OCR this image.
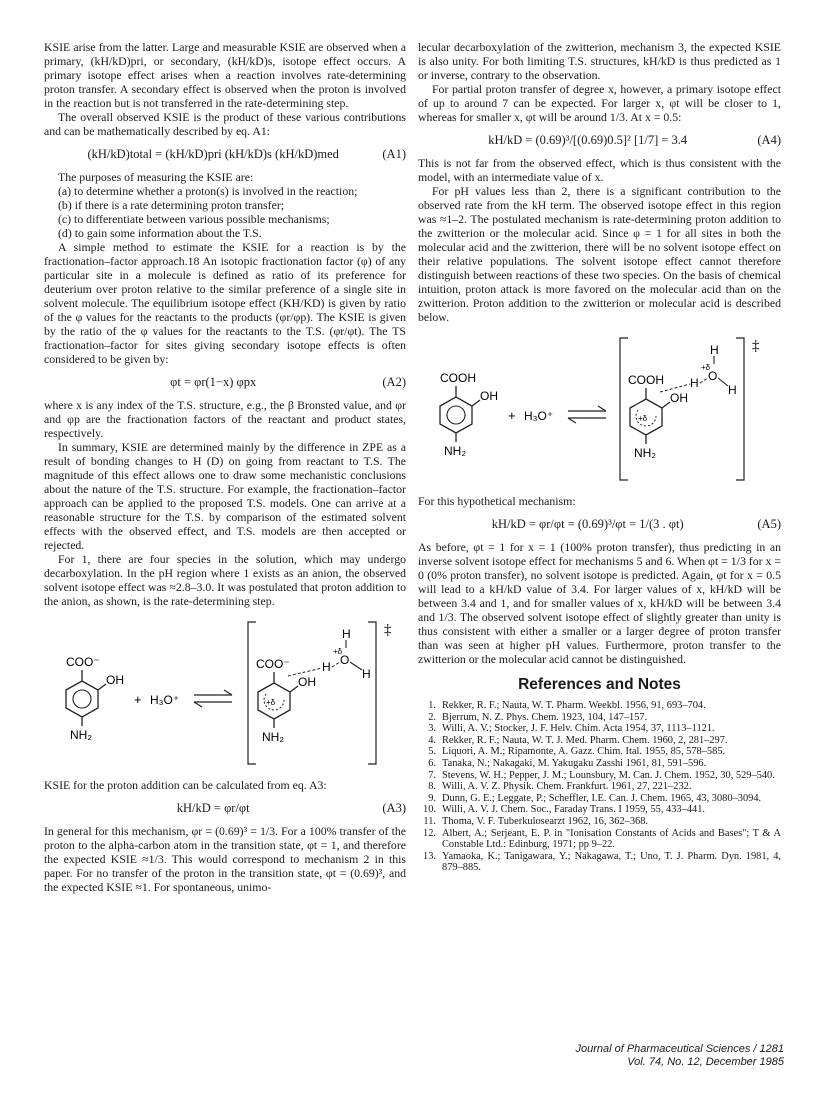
KSIE arise from the latter. Large and measurable KSIE are observed when a primary, (kH/kD)pri, or secondary, (kH/kD)s, isotope effect occurs. A primary isotope effect arises when a reaction involves rate-determining proton transfer. A secondary effect is observed when the proton is involved in the reaction but is not transferred in the rate-determining step.

The overall observed KSIE is the product of these various contributions and can be mathematically described by eq. A1:

(kH/kD)total = (kH/kD)pri (kH/kD)s (kH/kD)med	(A1)

The purposes of measuring the KSIE are:

(a) to determine whether a proton(s) is involved in the reaction;

(b) if there is a rate determining proton transfer;

(c) to differentiate between various possible mechanisms;

(d) to gain some information about the T.S.

A simple method to estimate the KSIE for a reaction is by the fractionation–factor approach.18 An isotopic fractionation factor (φ) of any particular site in a molecule is defined as ratio of its preference for deuterium over proton relative to the similar preference of a single site in solvent molecule. The equilibrium isotope effect (KH/KD) is given by ratio of the φ values for the reactants to the products (φr/φp). The KSIE is given by the ratio of the φ values for the reactants to the T.S. (φr/φt). The TS fractionation–factor for sites giving secondary isotope effects is often considered to be given by:

φt = φr(1−x) φpx	(A2)

where x is any index of the T.S. structure, e.g., the β Bronsted value, and φr and φp are the fractionation factors of the reactant and product states, respectively.

In summary, KSIE are determined mainly by the difference in ZPE as a result of bonding changes to H (D) on going from reactant to T.S. The magnitude of this effect allows one to draw some mechanistic conclusions about the nature of the T.S. structure. For example, the fractionation–factor approach can be applied to the proposed T.S. models. One can arrive at a reasonable structure for the T.S. by comparison of the estimated solvent effects with the observed effect, and T.S. models are then accepted or rejected.

For 1, there are four species in the solution, which may undergo decarboxylation. In the pH region where 1 exists as an anion, the observed solvent isotope effect was ≈2.8–3.0. It was postulated that proton addition to the anion, as shown, is the rate-determining step.

COO⁻
OH
NH₂
+ H₃O⁺
‡
+δ
COO⁻	H O
+δ
H
H
OH
NH₂

KSIE for the proton addition can be calculated from eq. A3:

kH/kD = φr/φt	(A3)

In general for this mechanism, φr = (0.69)³ = 1/3. For a 100% transfer of the proton to the alpha-carbon atom in the transition state, φt = 1, and therefore the expected KSIE ≈1/3. This would correspond to mechanism 2 in this paper. For no transfer of the proton in the transition state, φt = (0.69)³, and the expected KSIE ≈1. For spontaneous, unimo-

lecular decarboxylation of the zwitterion, mechanism 3, the expected KSIE is also unity. For both limiting T.S. structures, kH/kD is thus predicted as 1 or inverse, contrary to the observation.

For partial proton transfer of degree x, however, a primary isotope effect of up to around 7 can be expected. For larger x, φt will be closer to 1, whereas for smaller x, φt will be around 1/3. At x = 0.5:

kH/kD = (0.69)³/[(0.69)0.5]² [1/7] = 3.4	(A4)

This is not far from the observed effect, which is thus consistent with the model, with an intermediate value of x.

For pH values less than 2, there is a significant contribution to the observed rate from the kH term. The observed isotope effect in this region was ≈1–2. The postulated mechanism is rate-determining proton addition to the zwitterion or the molecular acid. Since φ = 1 for all sites in both the molecular acid and the zwitterion, there will be no solvent isotope effect on their relative populations. The solvent isotope effect cannot therefore distinguish between reactions of these two species. On the basis of chemical intuition, proton attack is more favored on the molecular acid than on the zwitterion. Proton addition to the zwitterion or molecular acid is described below.

COOH
OH
NH₂
+ H₃O⁺
‡
+δ
COOH H O
+δ
H
H
OH
NH₂

For this hypothetical mechanism:

kH/kD = φr/φt = (0.69)³/φt = 1/(3 . φt)	(A5)

As before, φt = 1 for x = 1 (100% proton transfer), thus predicting in an inverse solvent isotope effect for mechanisms 5 and 6. When φt = 1/3 for x = 0 (0% proton transfer), no solvent isotope is predicted. Again, φt for x = 0.5 will lead to a kH/kD value of 3.4. For larger values of x, kH/kD will be between 3.4 and 1, and for smaller values of x, kH/kD will be between 3.4 and 1/3. The observed solvent isotope effect of slightly greater than unity is thus consistent with either a smaller or a larger degree of proton transfer than was seen at higher pH values. Furthermore, proton transfer to the zwitterion or the molecular acid cannot be distinguished.

References and Notes
1. Rekker, R. F.; Nauta, W. T. Pharm. Weekbl. 1956, 91, 693–704.
2. Bjerrum, N. Z. Phys. Chem. 1923, 104, 147–157.
3. Willi, A. V.; Stocker, J. F. Helv. Chim. Acta 1954, 37, 1113–1121.
4. Rekker, R. F.; Nauta, W. T. J. Med. Pharm. Chem. 1960, 2, 281–297.
5. Liquori, A. M.; Ripamonte, A. Gazz. Chim. Ital. 1955, 85, 578–585.
6. Tanaka, N.; Nakagaki, M. Yakugaku Zasshi 1961, 81, 591–596.
7. Stevens, W. H.; Pepper, J. M.; Lounsbury, M. Can. J. Chem. 1952, 30, 529–540.
8. Willi, A. V. Z. Physik. Chem. Frankfurt. 1961, 27, 221–232.
9. Dunn, G. E.; Leggate, P.; Scheffler, I.E. Can. J. Chem. 1965, 43, 3080–3094.
10. Willi, A. V. J. Chem. Soc., Faraday Trans. I 1959, 55, 433–441.
11. Thoma, V. F. Tuberkulosearzt 1962, 16, 362–368.
12. Albert, A.; Serjeant, E. P. in "Ionisation Constants of Acids and Bases"; T & A Constable Ltd.: Edinburg, 1971; pp 9–22.
13. Yamaoka, K.; Tanigawara, Y.; Nakagawa, T.; Uno, T. J. Pharm. Dyn. 1981, 4, 879–885.
Journal of Pharmaceutical Sciences / 1281
Vol. 74, No. 12, December 1985
